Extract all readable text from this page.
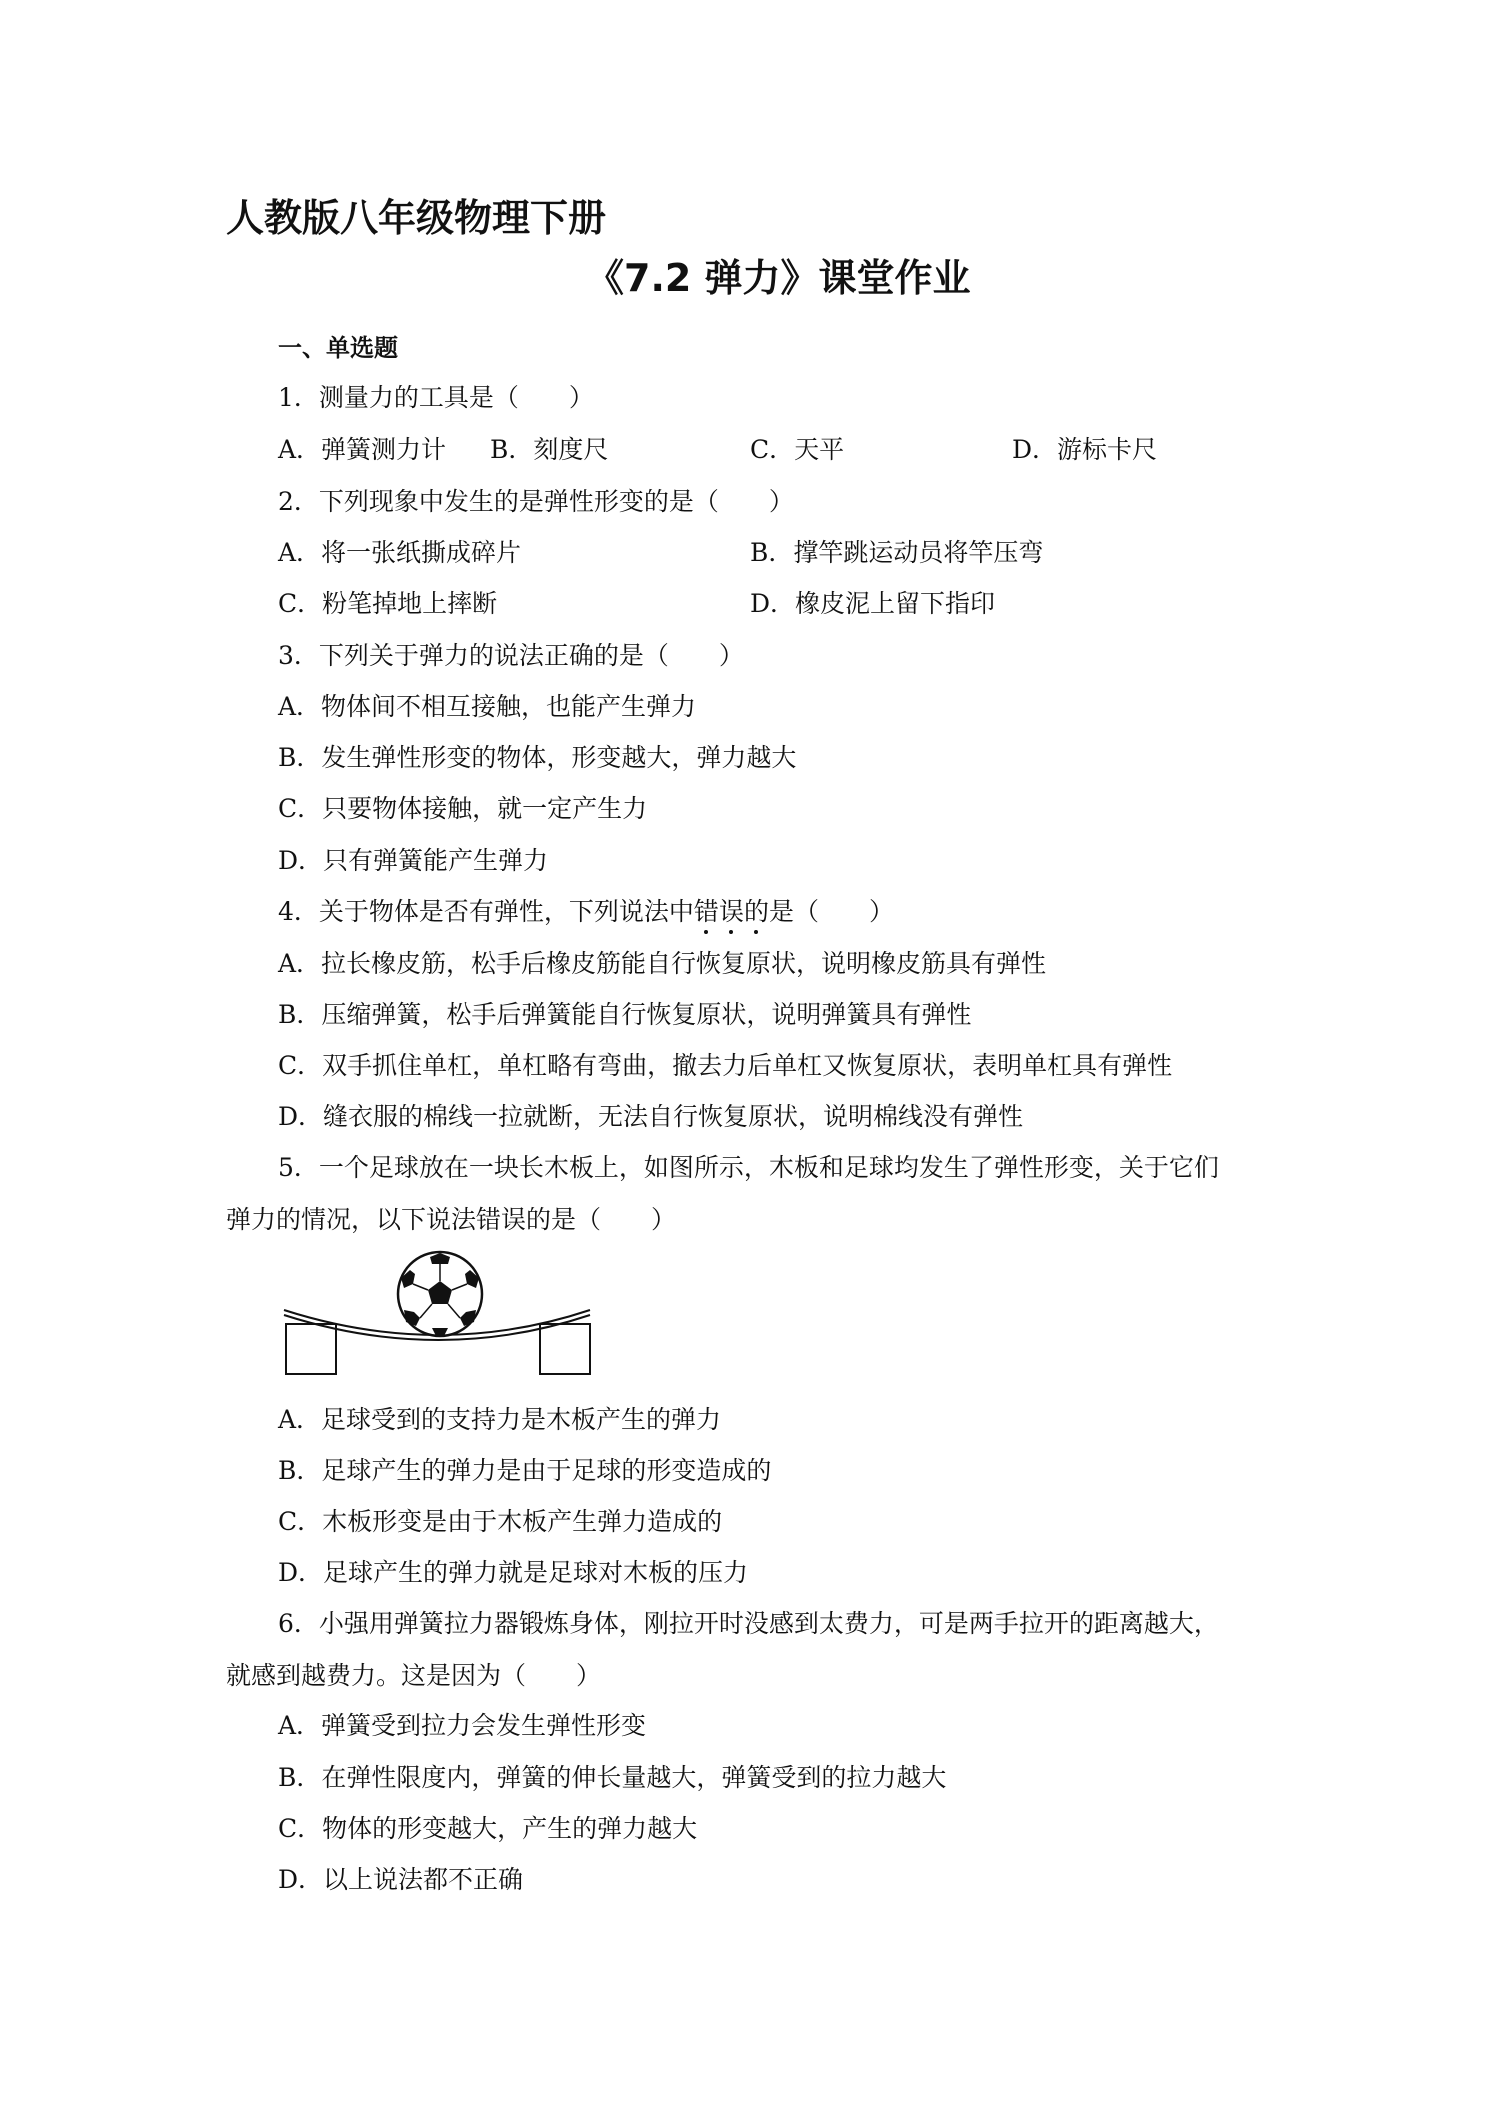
人教版八年级物理下册
《7.2 弹力》课堂作业
一、单选题
1．测量力的工具是（　　）
A．弹簧测力计 B．刻度尺	C．天平	D．游标卡尺
2．下列现象中发生的是弹性形变的是（　　）
A．将一张纸撕成碎片	B．撑竿跳运动员将竿压弯
C．粉笔掉地上摔断	D．橡皮泥上留下指印
3．下列关于弹力的说法正确的是（　　）
A．物体间不相互接触，也能产生弹力
B．发生弹性形变的物体，形变越大，弹力越大
C．只要物体接触，就一定产生力
D．只有弹簧能产生弹力
4．关于物体是否有弹性，下列说法中错误的是（　　）
A．拉长橡皮筋，松手后橡皮筋能自行恢复原状，说明橡皮筋具有弹性
B．压缩弹簧，松手后弹簧能自行恢复原状，说明弹簧具有弹性
C．双手抓住单杠，单杠略有弯曲，撤去力后单杠又恢复原状，表明单杠具有弹性
D．缝衣服的棉线一拉就断，无法自行恢复原状，说明棉线没有弹性
5．一个足球放在一块长木板上，如图所示，木板和足球均发生了弹性形变，关于它们
弹力的情况，以下说法错误的是（　　）
A．足球受到的支持力是木板产生的弹力
B．足球产生的弹力是由于足球的形变造成的
C．木板形变是由于木板产生弹力造成的
D．足球产生的弹力就是足球对木板的压力
6．小强用弹簧拉力器锻炼身体，刚拉开时没感到太费力，可是两手拉开的距离越大，
就感到越费力。这是因为（　　）
A．弹簧受到拉力会发生弹性形变
B．在弹性限度内，弹簧的伸长量越大，弹簧受到的拉力越大
C．物体的形变越大，产生的弹力越大
D．以上说法都不正确
